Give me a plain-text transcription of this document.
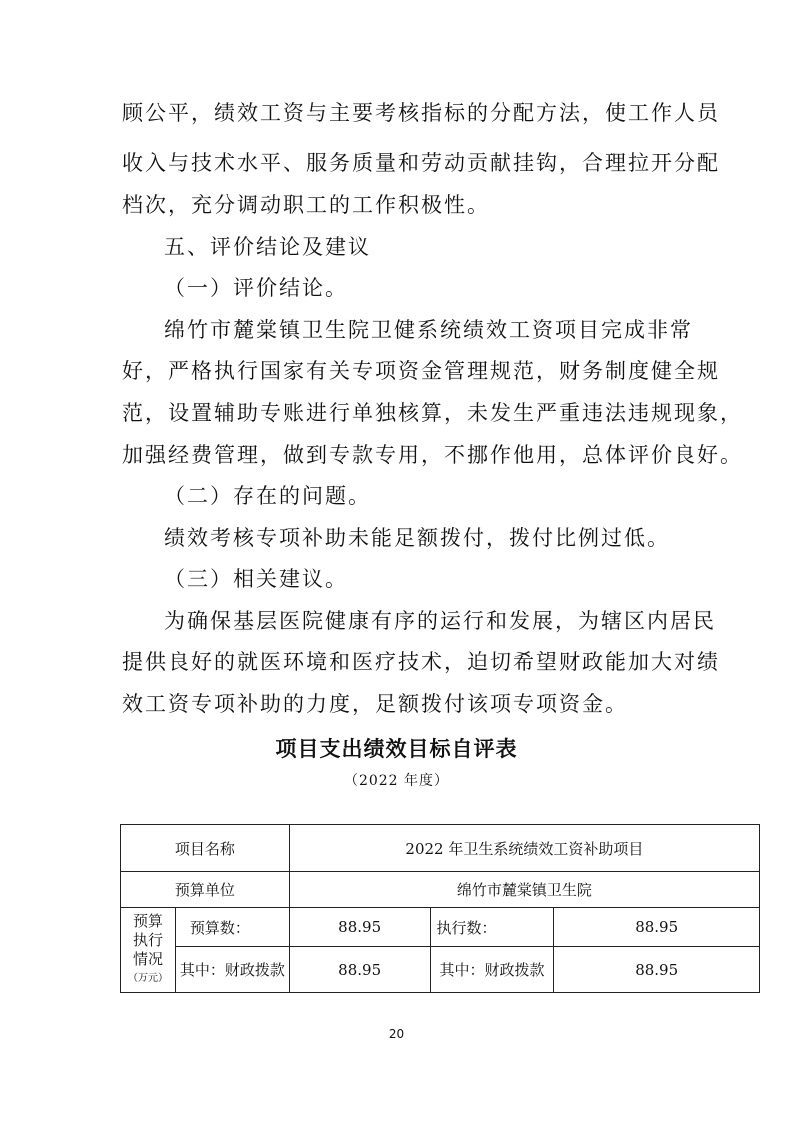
顾公平，绩效工资与主要考核指标的分配方法，使工作人员
收入与技术水平、服务质量和劳动贡献挂钩，合理拉开分配
档次，充分调动职工的工作积极性。
五、评价结论及建议
（一）评价结论。
绵竹市麓棠镇卫生院卫健系统绩效工资项目完成非常
好，严格执行国家有关专项资金管理规范，财务制度健全规
范，设置辅助专账进行单独核算，未发生严重违法违规现象，
加强经费管理，做到专款专用，不挪作他用，总体评价良好。
（二）存在的问题。
绩效考核专项补助未能足额拨付，拨付比例过低。
（三）相关建议。
为确保基层医院健康有序的运行和发展，为辖区内居民
提供良好的就医环境和医疗技术，迫切希望财政能加大对绩
效工资专项补助的力度，足额拨付该项专项资金。
项目支出绩效目标自评表
（2022 年度）
项目名称		2022 年卫生系统绩效工资补助项目		
预算单位		绵竹市麓棠镇卫生院		

预算
执行
情况
（万元）	预算数：	88.95	执行数：	88.95
	其中：财政拨款	88.95	其中：财政拨款	88.95
20
